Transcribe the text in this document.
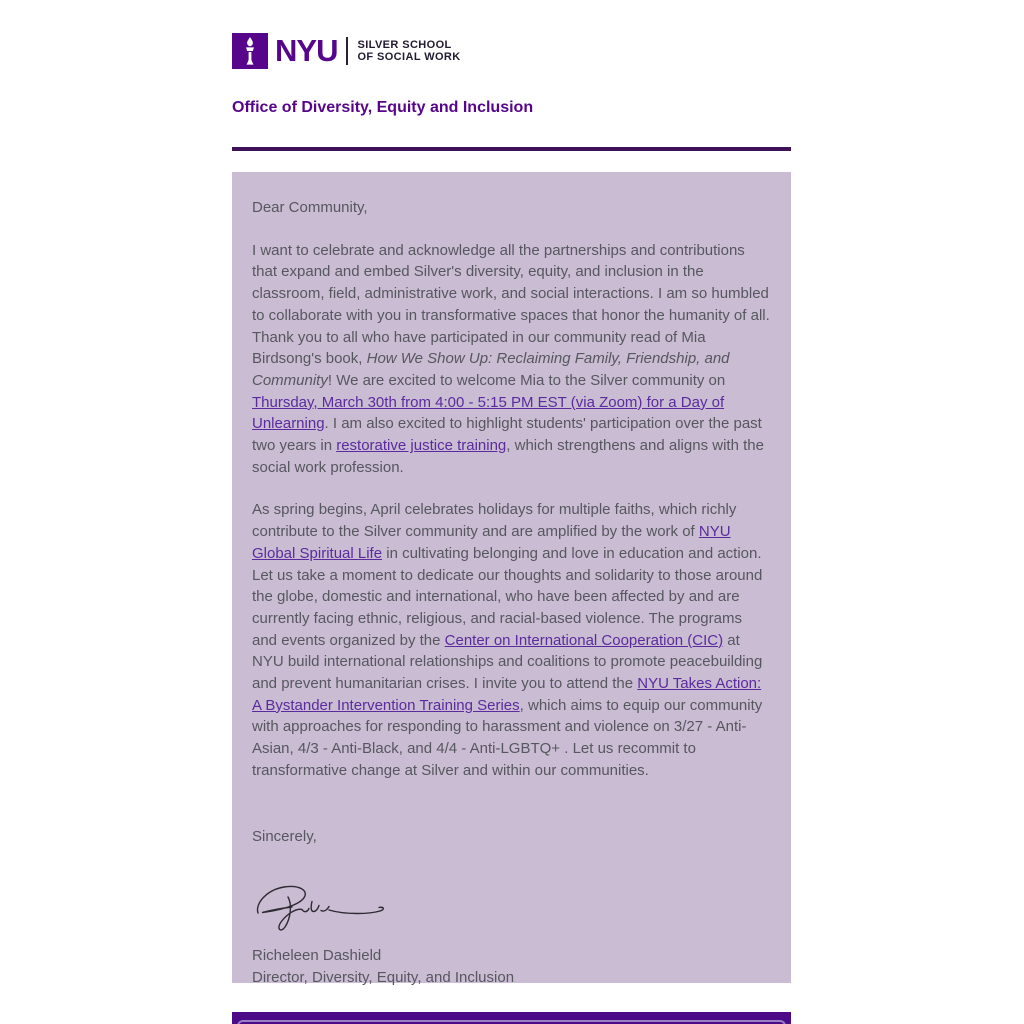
NYU SILVER SCHOOL
OF SOCIAL WORK
Office of Diversity, Equity and Inclusion

Dear Community,

I want to celebrate and acknowledge all the partnerships and contributions that expand and embed Silver's diversity, equity, and inclusion in the classroom, field, administrative work, and social interactions. I am so humbled to collaborate with you in transformative spaces that honor the humanity of all. Thank you to all who have participated in our community read of Mia Birdsong's book, How We Show Up: Reclaiming Family, Friendship, and Community! We are excited to welcome Mia to the Silver community on Thursday, March 30th from 4:00 - 5:15 PM EST (via Zoom) for a Day of Unlearning. I am also excited to highlight students' participation over the past two years in restorative justice training, which strengthens and aligns with the social work profession.

As spring begins, April celebrates holidays for multiple faiths, which richly contribute to the Silver community and are amplified by the work of NYU Global Spiritual Life in cultivating belonging and love in education and action. Let us take a moment to dedicate our thoughts and solidarity to those around the globe, domestic and international, who have been affected by and are currently facing ethnic, religious, and racial-based violence. The programs and events organized by the Center on International Cooperation (CIC) at NYU build international relationships and coalitions to promote peacebuilding and prevent humanitarian crises. I invite you to attend the NYU Takes Action: A Bystander Intervention Training Series, which aims to equip our community with approaches for responding to harassment and violence on 3/27 - Anti-Asian, 4/3 - Anti-Black, and 4/4 - Anti-LGBTQ+ . Let us recommit to transformative change at Silver and within our communities.

Sincerely,

Richeleen Dashield

Director, Diversity, Equity, and Inclusion
